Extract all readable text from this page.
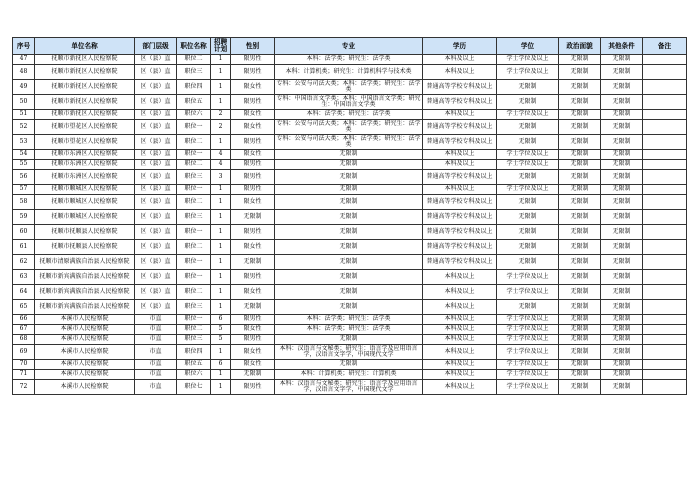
序号	单位名称	部门层级	职位名称	招聘计划	性别	专业	学历	学位	政治面貌	其他条件	备注
47	抚顺市新抚区人民检察院	区（县）直	职位二	1	限男性	本科：法学类；研究生：法学类	本科及以上	学士学位及以上	无限制	无限制	
48	抚顺市新抚区人民检察院	区（县）直	职位三	1	限男性	本科：计算机类；研究生：计算机科学与技术类	本科及以上	学士学位及以上	无限制	无限制	
49	抚顺市新抚区人民检察院	区（县）直	职位四	1	限女性	专科：公安与司法大类；本科：法学类；研究生：法学类	普通高等学校专科及以上	无限制	无限制	无限制	
50	抚顺市新抚区人民检察院	区（县）直	职位五	1	限男性	专科：中国语言文学类；本科：中国语言文学类；研究生：中国语言文学类	普通高等学校专科及以上	无限制	无限制	无限制	
51	抚顺市新抚区人民检察院	区（县）直	职位六	2	限女性	本科：法学类；研究生：法学类	本科及以上	学士学位及以上	无限制	无限制	
52	抚顺市望花区人民检察院	区（县）直	职位一	2	限女性	专科：公安与司法大类；本科：法学类；研究生：法学类	普通高等学校专科及以上	无限制	无限制	无限制	
53	抚顺市望花区人民检察院	区（县）直	职位二	1	限男性	专科：公安与司法大类；本科：法学类；研究生：法学类	普通高等学校专科及以上	无限制	无限制	无限制	
54	抚顺市东洲区人民检察院	区（县）直	职位一	4	限女性	无限制	本科及以上	学士学位及以上	无限制	无限制	
55	抚顺市东洲区人民检察院	区（县）直	职位二	4	限男性	无限制	本科及以上	学士学位及以上	无限制	无限制	
56	抚顺市东洲区人民检察院	区（县）直	职位三	3	限男性	无限制	普通高等学校专科及以上	无限制	无限制	无限制	
57	抚顺市顺城区人民检察院	区（县）直	职位一	1	限男性	无限制	本科及以上	学士学位及以上	无限制	无限制	
58	抚顺市顺城区人民检察院	区（县）直	职位二	1	限女性	无限制	普通高等学校专科及以上	无限制	无限制	无限制	
59	抚顺市顺城区人民检察院	区（县）直	职位三	1	无限制	无限制	普通高等学校专科及以上	无限制	无限制	无限制	
60	抚顺市抚顺县人民检察院	区（县）直	职位一	1	限男性	无限制	普通高等学校专科及以上	无限制	无限制	无限制	
61	抚顺市抚顺县人民检察院	区（县）直	职位二	1	限女性	无限制	普通高等学校专科及以上	无限制	无限制	无限制	
62	抚顺市清原满族自治县人民检察院	区（县）直	职位一	1	无限制	无限制	普通高等学校专科及以上	无限制	无限制	无限制	
63	抚顺市新宾满族自治县人民检察院	区（县）直	职位一	1	限男性	无限制	本科及以上	学士学位及以上	无限制	无限制	
64	抚顺市新宾满族自治县人民检察院	区（县）直	职位二	1	限女性	无限制	本科及以上	学士学位及以上	无限制	无限制	
65	抚顺市新宾满族自治县人民检察院	区（县）直	职位三	1	无限制	无限制	本科及以上	无限制	无限制	无限制	
66	本溪市人民检察院	市直	职位一	6	限男性	本科：法学类；研究生：法学类	本科及以上	学士学位及以上	无限制	无限制	
67	本溪市人民检察院	市直	职位二	5	限女性	本科：法学类；研究生：法学类	本科及以上	学士学位及以上	无限制	无限制	
68	本溪市人民检察院	市直	职位三	5	限男性	无限制	本科及以上	学士学位及以上	无限制	无限制	
69	本溪市人民检察院	市直	职位四	1	限女性	本科：汉语言与文秘类；研究生：语言学及应用语言学，汉语言文字学，中国现代文学	本科及以上	学士学位及以上	无限制	无限制	
70	本溪市人民检察院	市直	职位五	6	限女性	无限制	本科及以上	学士学位及以上	无限制	无限制	
71	本溪市人民检察院	市直	职位六	1	无限制	本科：计算机类；研究生：计算机类	本科及以上	学士学位及以上	无限制	无限制	
72	本溪市人民检察院	市直	职位七	1	限男性	本科：汉语言与文秘类；研究生：语言学及应用语言学，汉语言文字学，中国现代文学	本科及以上	学士学位及以上	无限制	无限制	
